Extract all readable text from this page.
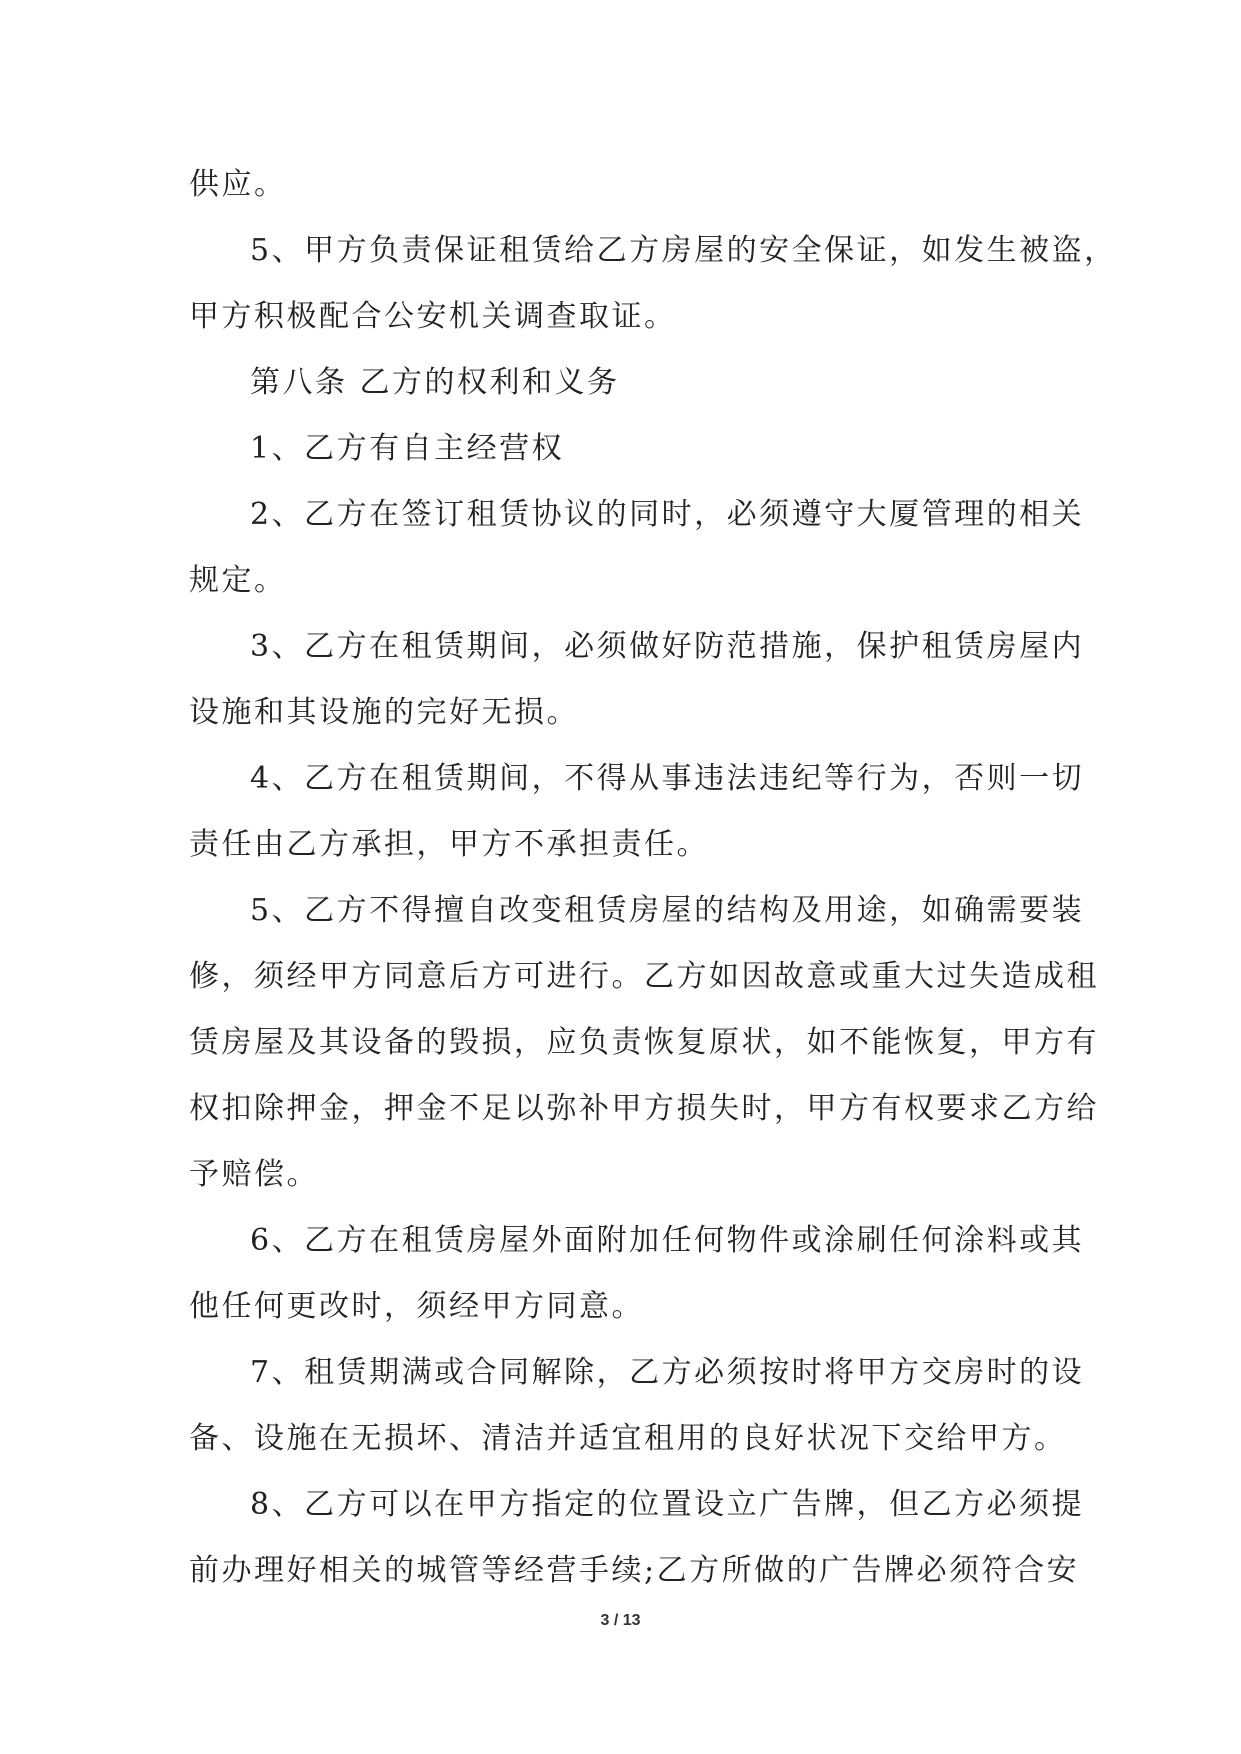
供应。
5、甲方负责保证租赁给乙方房屋的安全保证，如发生被盗，
甲方积极配合公安机关调查取证。
第八条 乙方的权利和义务
1、乙方有自主经营权
2、乙方在签订租赁协议的同时，必须遵守大厦管理的相关
规定。
3、乙方在租赁期间，必须做好防范措施，保护租赁房屋内
设施和其设施的完好无损。
4、乙方在租赁期间，不得从事违法违纪等行为，否则一切
责任由乙方承担，甲方不承担责任。
5、乙方不得擅自改变租赁房屋的结构及用途，如确需要装
修，须经甲方同意后方可进行。乙方如因故意或重大过失造成租
赁房屋及其设备的毁损，应负责恢复原状，如不能恢复，甲方有
权扣除押金，押金不足以弥补甲方损失时，甲方有权要求乙方给
予赔偿。
6、乙方在租赁房屋外面附加任何物件或涂刷任何涂料或其
他任何更改时，须经甲方同意。
7、租赁期满或合同解除，乙方必须按时将甲方交房时的设
备、设施在无损坏、清洁并适宜租用的良好状况下交给甲方。
8、乙方可以在甲方指定的位置设立广告牌，但乙方必须提
前办理好相关的城管等经营手续;乙方所做的广告牌必须符合安
3 / 13
